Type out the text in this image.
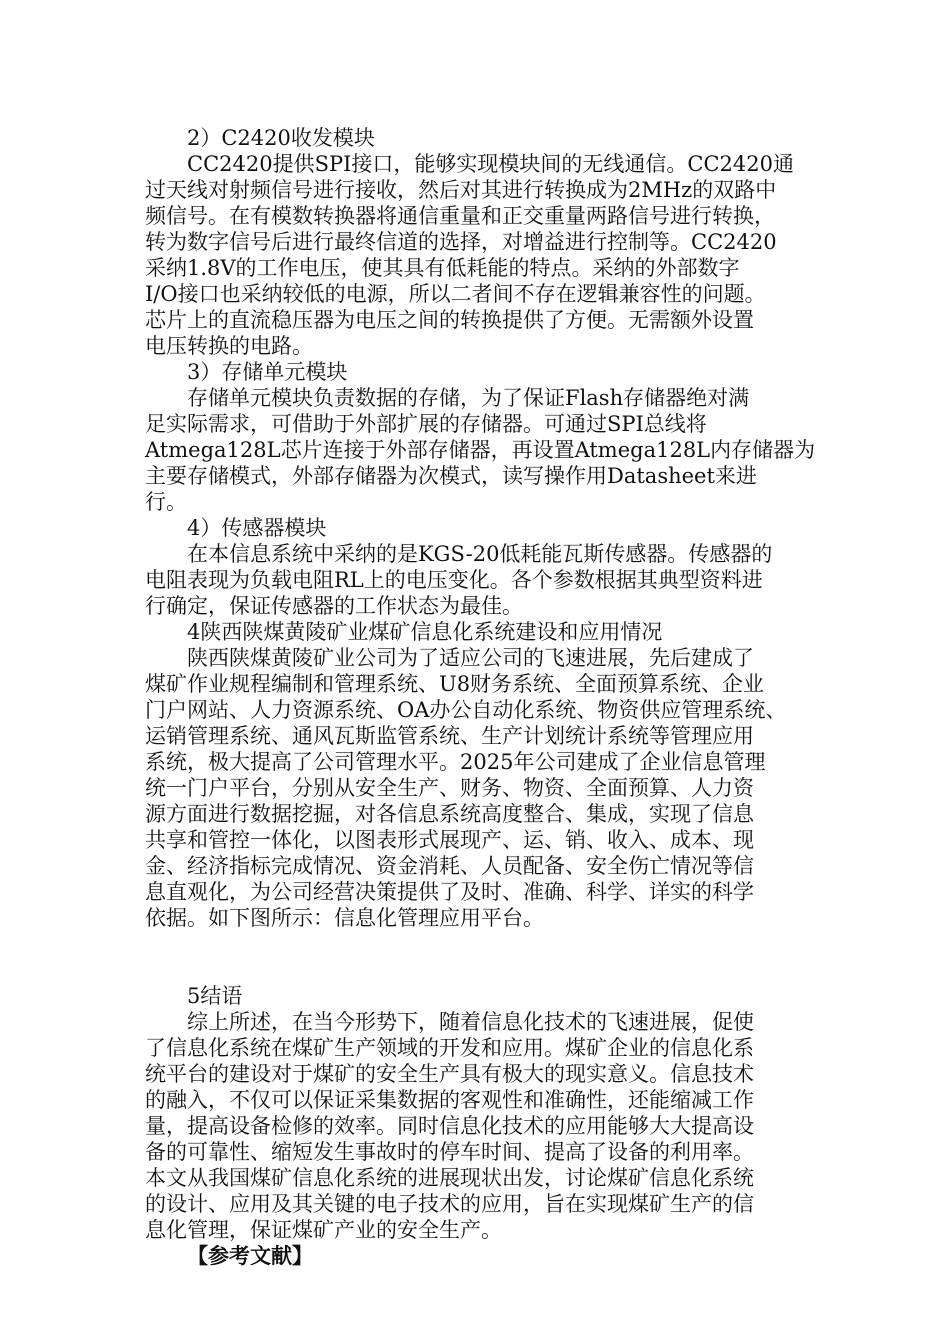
2）C2420收发模块

CC2420提供SPI接口，能够实现模块间的无线通信。CC2420通

过天线对射频信号进行接收，然后对其进行转换成为2MHz的双路中

频信号。在有模数转换器将通信重量和正交重量两路信号进行转换，

转为数字信号后进行最终信道的选择，对增益进行控制等。CC2420

采纳1.8V的工作电压，使其具有低耗能的特点。采纳的外部数字

I/O接口也采纳较低的电源，所以二者间不存在逻辑兼容性的问题。

芯片上的直流稳压器为电压之间的转换提供了方便。无需额外设置

电压转换的电路。

3）存储单元模块

存储单元模块负责数据的存储，为了保证Flash存储器绝对满

足实际需求，可借助于外部扩展的存储器。可通过SPI总线将

Atmega128L芯片连接于外部存储器，再设置Atmega128L内存储器为

主要存储模式，外部存储器为次模式，读写操作用Datasheet来进

行。

4）传感器模块

在本信息系统中采纳的是KGS-20低耗能瓦斯传感器。传感器的

电阻表现为负载电阻RL上的电压变化。各个参数根据其典型资料进

行确定，保证传感器的工作状态为最佳。

4陕西陕煤黄陵矿业煤矿信息化系统建设和应用情况

陕西陕煤黄陵矿业公司为了适应公司的飞速进展，先后建成了

煤矿作业规程编制和管理系统、U8财务系统、全面预算系统、企业

门户网站、人力资源系统、OA办公自动化系统、物资供应管理系统、

运销管理系统、通风瓦斯监管系统、生产计划统计系统等管理应用

系统，极大提高了公司管理水平。2025年公司建成了企业信息管理

统一门户平台，分别从安全生产、财务、物资、全面预算、人力资

源方面进行数据挖掘，对各信息系统高度整合、集成，实现了信息

共享和管控一体化，以图表形式展现产、运、销、收入、成本、现

金、经济指标完成情况、资金消耗、人员配备、安全伤亡情况等信

息直观化，为公司经营决策提供了及时、准确、科学、详实的科学

依据。如下图所示：信息化管理应用平台。

5结语

综上所述，在当今形势下，随着信息化技术的飞速进展，促使

了信息化系统在煤矿生产领域的开发和应用。煤矿企业的信息化系

统平台的建设对于煤矿的安全生产具有极大的现实意义。信息技术

的融入，不仅可以保证采集数据的客观性和准确性，还能缩减工作

量，提高设备检修的效率。同时信息化技术的应用能够大大提高设

备的可靠性、缩短发生事故时的停车时间、提高了设备的利用率。

本文从我国煤矿信息化系统的进展现状出发，讨论煤矿信息化系统

的设计、应用及其关键的电子技术的应用，旨在实现煤矿生产的信

息化管理，保证煤矿产业的安全生产。

【参考文献】
